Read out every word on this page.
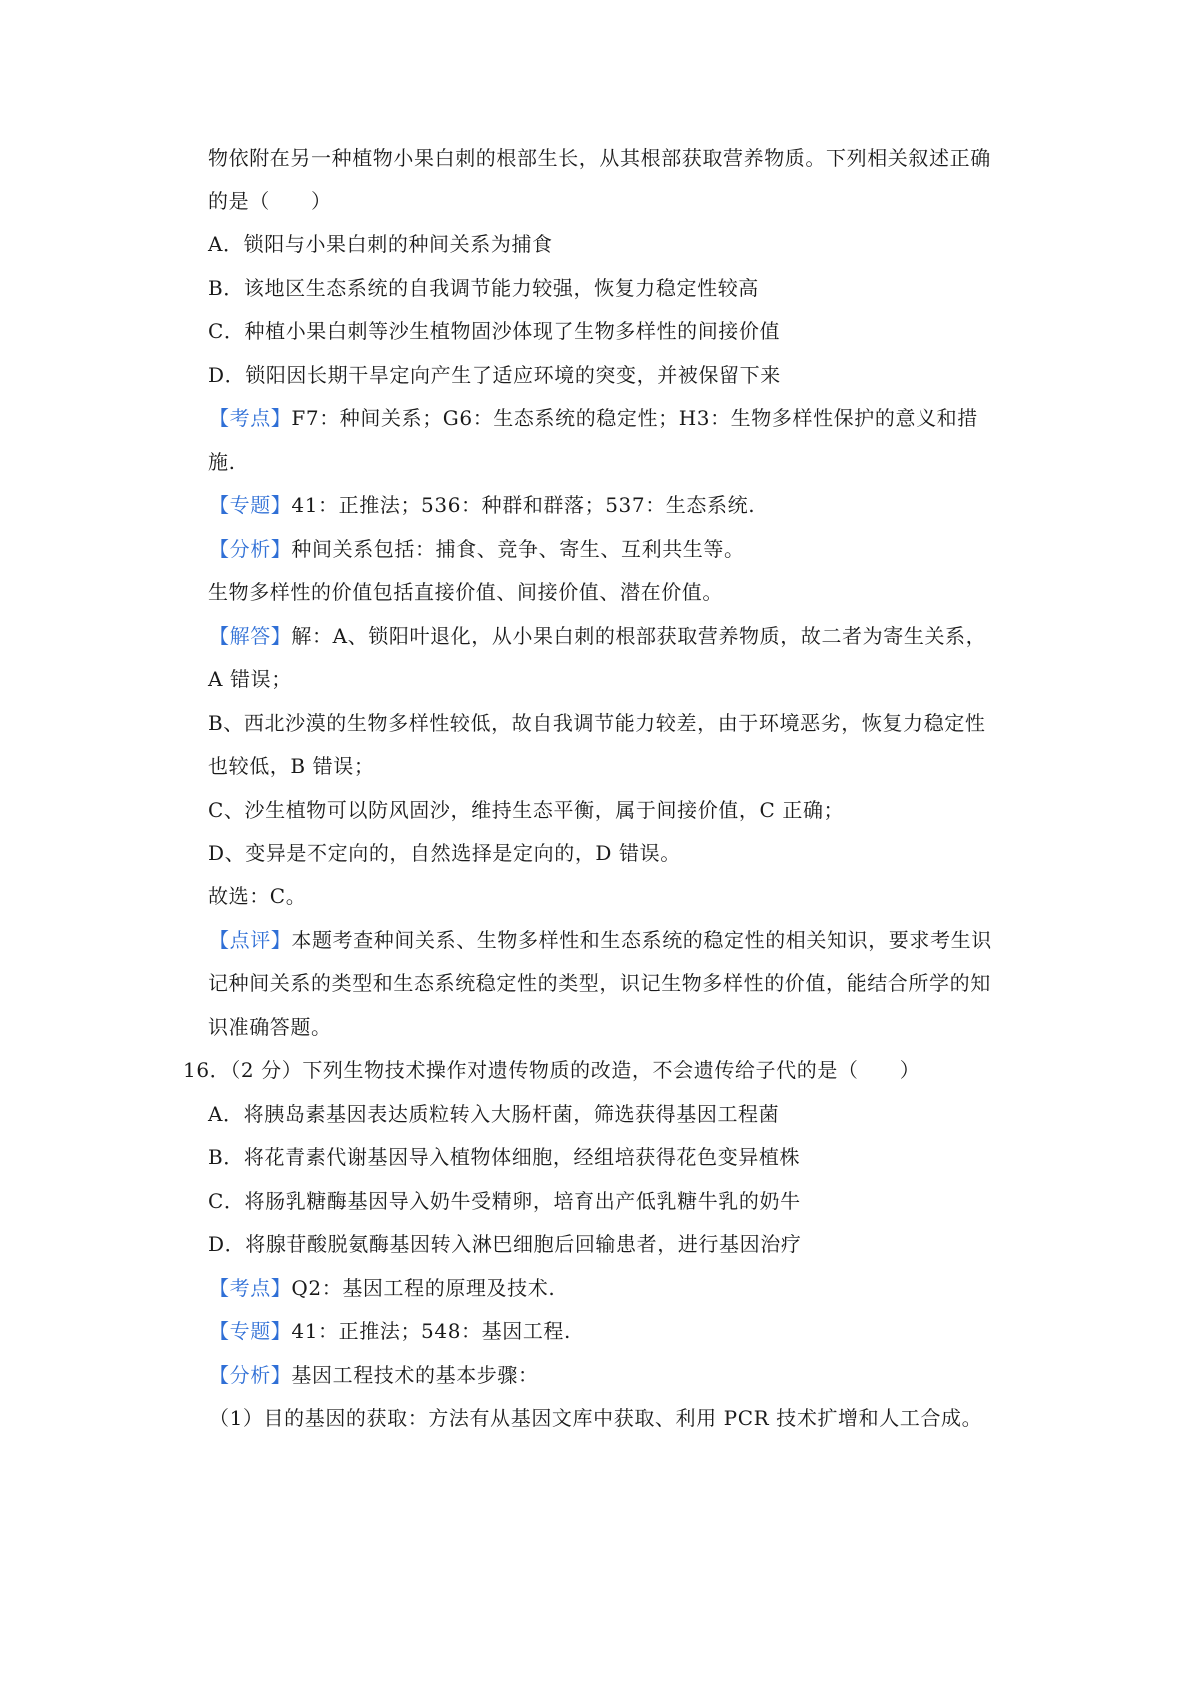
物依附在另一种植物小果白刺的根部生长，从其根部获取营养物质。下列相关叙述正确
的是（　　）
A．锁阳与小果白刺的种间关系为捕食
B．该地区生态系统的自我调节能力较强，恢复力稳定性较高
C．种植小果白刺等沙生植物固沙体现了生物多样性的间接价值
D．锁阳因长期干旱定向产生了适应环境的突变，并被保留下来
【考点】F7：种间关系；G6：生态系统的稳定性；H3：生物多样性保护的意义和措
施.
【专题】41：正推法；536：种群和群落；537：生态系统.
【分析】种间关系包括：捕食、竞争、寄生、互利共生等。
生物多样性的价值包括直接价值、间接价值、潜在价值。
【解答】解：A、锁阳叶退化，从小果白刺的根部获取营养物质，故二者为寄生关系，
A 错误；
B、西北沙漠的生物多样性较低，故自我调节能力较差，由于环境恶劣，恢复力稳定性
也较低，B 错误；
C、沙生植物可以防风固沙，维持生态平衡，属于间接价值，C 正确；
D、变异是不定向的，自然选择是定向的，D 错误。
故选：C。
【点评】本题考查种间关系、生物多样性和生态系统的稳定性的相关知识，要求考生识
记种间关系的类型和生态系统稳定性的类型，识记生物多样性的价值，能结合所学的知
识准确答题。
16．（2 分）下列生物技术操作对遗传物质的改造，不会遗传给子代的是（　　）
A．将胰岛素基因表达质粒转入大肠杆菌，筛选获得基因工程菌
B．将花青素代谢基因导入植物体细胞，经组培获得花色变异植株
C．将肠乳糖酶基因导入奶牛受精卵，培育出产低乳糖牛乳的奶牛
D．将腺苷酸脱氨酶基因转入淋巴细胞后回输患者，进行基因治疗
【考点】Q2：基因工程的原理及技术.
【专题】41：正推法；548：基因工程.
【分析】基因工程技术的基本步骤：
（1）目的基因的获取：方法有从基因文库中获取、利用 PCR 技术扩增和人工合成。
